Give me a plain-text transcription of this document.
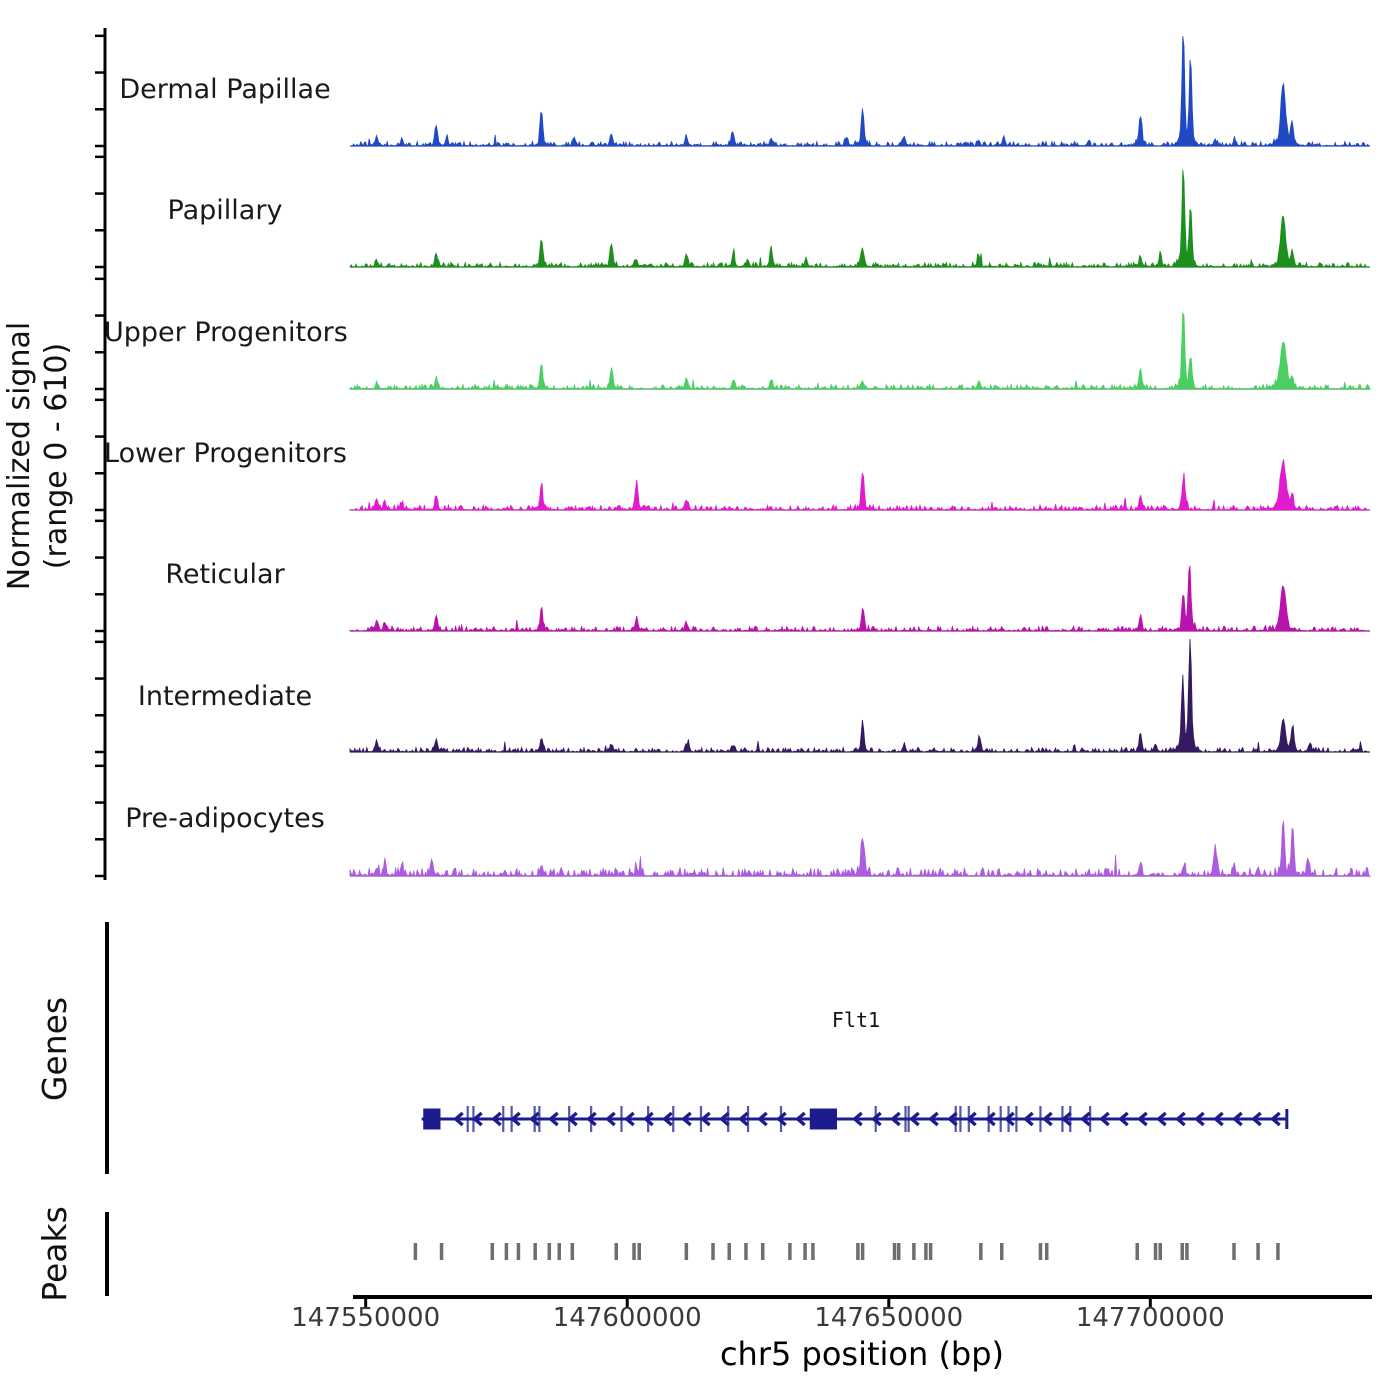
Dermal Papillae
Papillary
Upper Progenitors
Lower Progenitors
Reticular
Intermediate
Pre-adipocytes
Normalized signal (range 0 - 610)
Genes
Peaks
Flt1
147550000	147600000	147650000	147700000
chr5 position (bp)
